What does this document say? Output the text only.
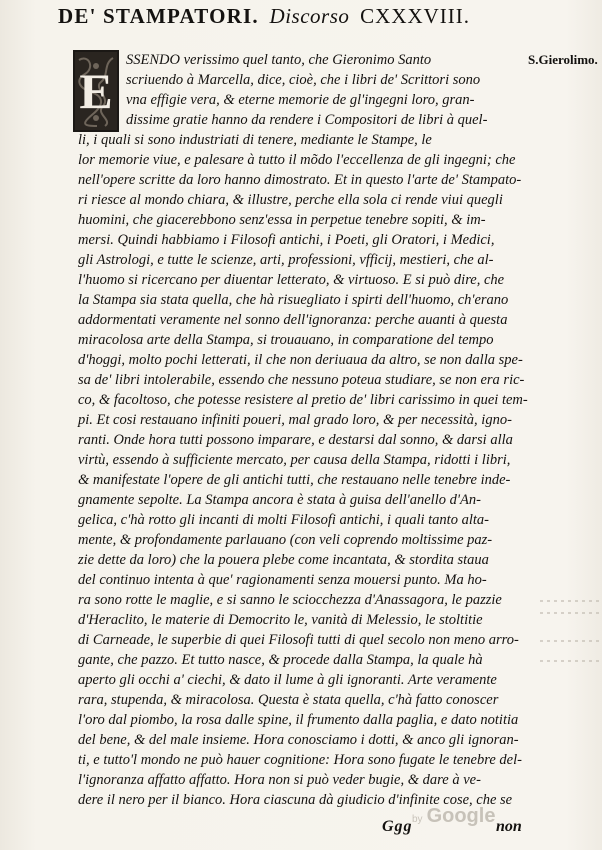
DE' STAMPATORI. Discorso CXXXVIII.
E
S.Gierolimo.
SSENDO verissimo quel tanto, che Gieronimo Santo
scriuendo à Marcella, dice, cioè, che i libri de' Scrittori sono
vna effigie vera, & eterne memorie de gl'ingegni loro, gran-
dissime gratie hanno da rendere i Compositori de libri à quel-
li, i quali si sono industriati di tenere, mediante le Stampe, le
lor memorie viue, e palesare à tutto il mõdo l'eccellenza de gli ingegni; che
nell'opere scritte da loro hanno dimostrato. Et in questo l'arte de' Stampato-
ri riesce al mondo chiara, & illustre, perche ella sola ci rende viui quegli
huomini, che giacerebbono senz'essa in perpetue tenebre sopiti, & im-
mersi. Quindi habbiamo i Filosofi antichi, i Poeti, gli Oratori, i Medici,
gli Astrologi, e tutte le scienze, arti, professioni, vfficij, mestieri, che al-
l'huomo si ricercano per diuentar letterato, & virtuoso. E si può dire, che
la Stampa sia stata quella, che hà risuegliato i spirti dell'huomo, ch'erano
addormentati veramente nel sonno dell'ignoranza: perche auanti à questa
miracolosa arte della Stampa, si trouauano, in comparatione del tempo
d'hoggi, molto pochi letterati, il che non deriuaua da altro, se non dalla spe-
sa de' libri intolerabile, essendo che nessuno poteua studiare, se non era ric-
co, & facoltoso, che potesse resistere al pretio de' libri carissimo in quei tem-
pi. Et cosi restauano infiniti poueri, mal grado loro, & per necessità, igno-
ranti. Onde hora tutti possono imparare, e destarsi dal sonno, & darsi alla
virtù, essendo à sufficiente mercato, per causa della Stampa, ridotti i libri,
& manifestate l'opere de gli antichi tutti, che restauano nelle tenebre inde-
gnamente sepolte. La Stampa ancora è stata à guisa dell'anello d'An-
gelica, c'hà rotto gli incanti di molti Filosofi antichi, i quali tanto alta-
mente, & profondamente parlauano (con veli coprendo moltissime paz-
zie dette da loro) che la pouera plebe come incantata, & stordita staua
del continuo intenta à que' ragionamenti senza mouersi punto. Ma ho-
ra sono rotte le maglie, e si sanno le sciocchezza d'Anassagora, le pazzie
d'Heraclito, le materie di Democrito le, vanità di Melessio, le stoltitie
di Carneade, le superbie di quei Filosofi tutti di quel secolo non meno arro-
gante, che pazzo. Et tutto nasce, & procede dalla Stampa, la quale hà
aperto gli occhi a' ciechi, & dato il lume à gli ignoranti. Arte veramente
rara, stupenda, & miracolosa. Questa è stata quella, c'hà fatto conoscer
l'oro dal piombo, la rosa dalle spine, il frumento dalla paglia, e dato notitia
del bene, & del male insieme. Hora conosciamo i dotti, & anco gli ignoran-
ti, e tutto'l mondo ne può hauer cognitione: Hora sono fugate le tenebre del-
l'ignoranza affatto affatto. Hora non si può veder bugie, & dare à ve-
dere il nero per il bianco. Hora ciascuna dà giudicio d'infinite cose, che se
Ggg	non
by Google
